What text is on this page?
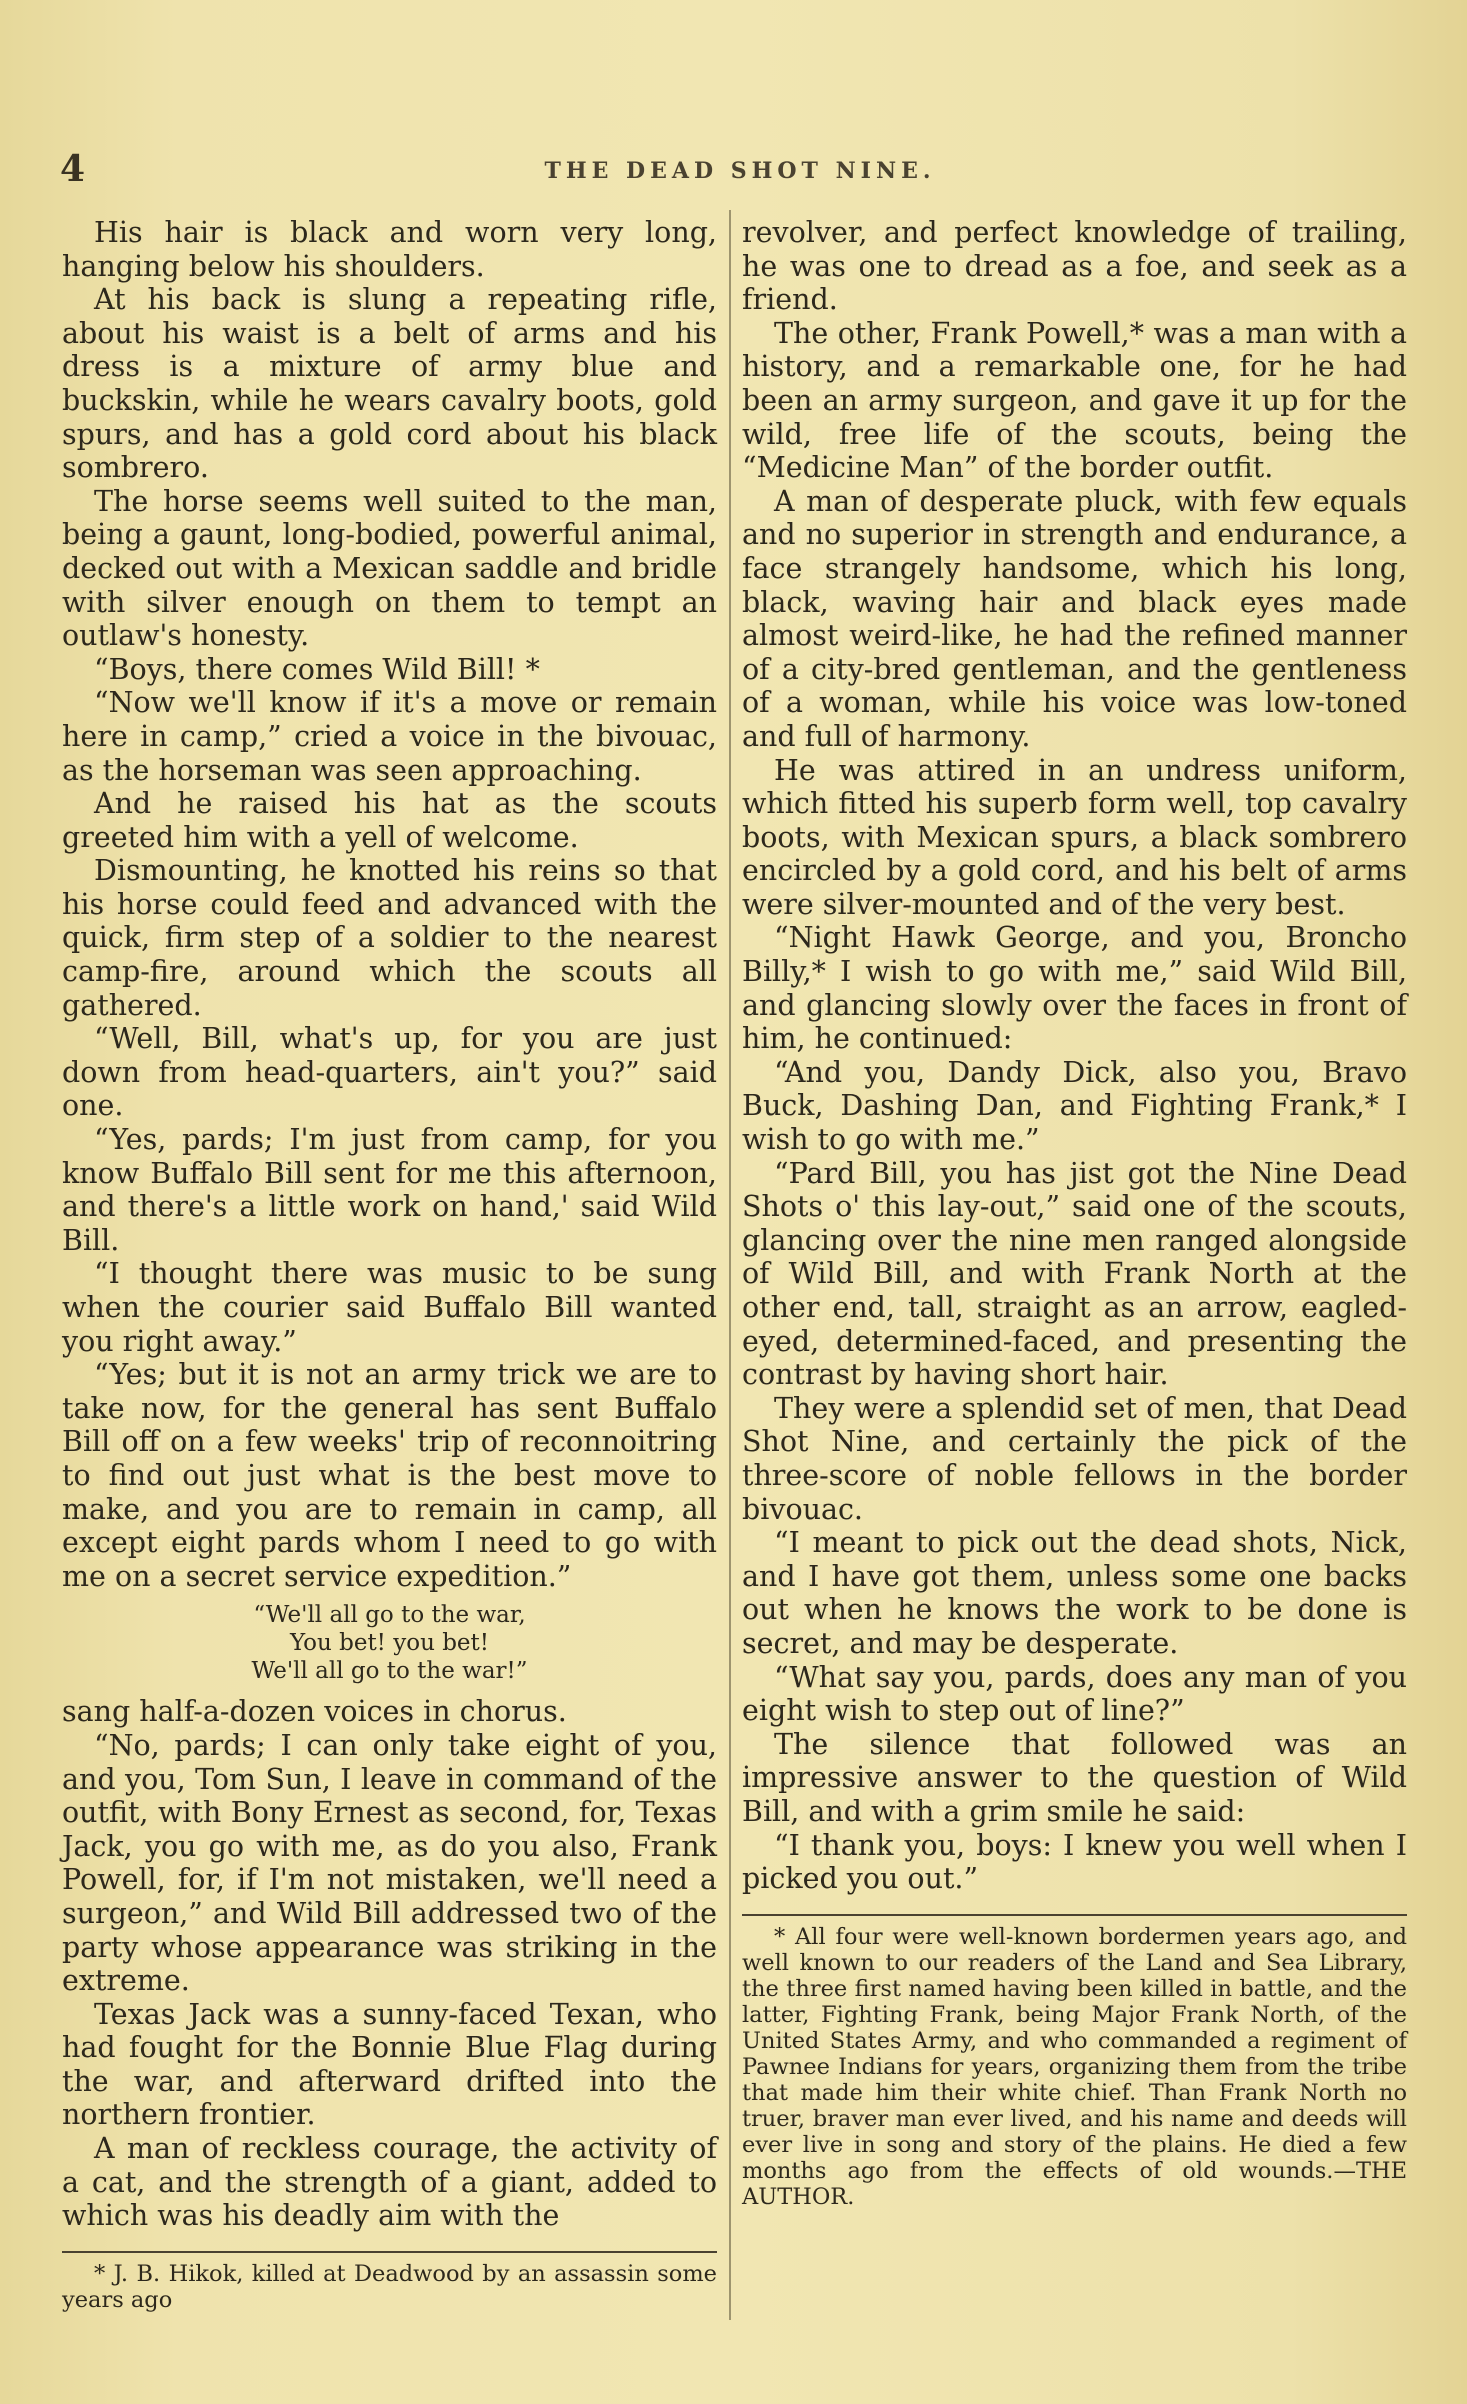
4	THE DEAD SHOT NINE.

His hair is black and worn very long, hanging below his shoulders.

At his back is slung a repeating rifle, about his waist is a belt of arms and his dress is a mixture of army blue and buckskin, while he wears cavalry boots, gold spurs, and has a gold cord about his black sombrero.

The horse seems well suited to the man, being a gaunt, long-bodied, powerful animal, decked out with a Mexican saddle and bridle with silver enough on them to tempt an outlaw's honesty.

“Boys, there comes Wild Bill! *

“Now we'll know if it's a move or remain here in camp,” cried a voice in the bivouac, as the horseman was seen approaching.

And he raised his hat as the scouts greeted him with a yell of welcome.

Dismounting, he knotted his reins so that his horse could feed and advanced with the quick, firm step of a soldier to the nearest camp-fire, around which the scouts all gathered.

“Well, Bill, what's up, for you are just down from head-quarters, ain't you?” said one.

“Yes, pards; I'm just from camp, for you know Buffalo Bill sent for me this afternoon, and there's a little work on hand,' said Wild Bill.

“I thought there was music to be sung when the courier said Buffalo Bill wanted you right away.”

“Yes; but it is not an army trick we are to take now, for the general has sent Buffalo Bill off on a few weeks' trip of reconnoitring to find out just what is the best move to make, and you are to remain in camp, all except eight pards whom I need to go with me on a secret service expedition.”

“We'll all go to the war,
You bet! you bet!
We'll all go to the war!”

sang half-a-dozen voices in chorus.

“No, pards; I can only take eight of you, and you, Tom Sun, I leave in command of the outfit, with Bony Ernest as second, for, Texas Jack, you go with me, as do you also, Frank Powell, for, if I'm not mistaken, we'll need a surgeon,” and Wild Bill addressed two of the party whose appearance was striking in the extreme.

Texas Jack was a sunny-faced Texan, who had fought for the Bonnie Blue Flag during the war, and afterward drifted into the northern frontier.

A man of reckless courage, the activity of a cat, and the strength of a giant, added to which was his deadly aim with the

* J. B. Hikok, killed at Deadwood by an assassin some years ago

revolver, and perfect knowledge of trailing, he was one to dread as a foe, and seek as a friend.

The other, Frank Powell,* was a man with a history, and a remarkable one, for he had been an army surgeon, and gave it up for the wild, free life of the scouts, being the “Medicine Man” of the border outfit.

A man of desperate pluck, with few equals and no superior in strength and endurance, a face strangely handsome, which his long, black, waving hair and black eyes made almost weird-like, he had the refined manner of a city-bred gentleman, and the gentleness of a woman, while his voice was low-toned and full of harmony.

He was attired in an undress uniform, which fitted his superb form well, top cavalry boots, with Mexican spurs, a black sombrero encircled by a gold cord, and his belt of arms were silver-mounted and of the very best.

“Night Hawk George, and you, Broncho Billy,* I wish to go with me,” said Wild Bill, and glancing slowly over the faces in front of him, he continued:

“And you, Dandy Dick, also you, Bravo Buck, Dashing Dan, and Fighting Frank,* I wish to go with me.”

“Pard Bill, you has jist got the Nine Dead Shots o' this lay-out,” said one of the scouts, glancing over the nine men ranged alongside of Wild Bill, and with Frank North at the other end, tall, straight as an arrow, eagled-eyed, determined-faced, and presenting the contrast by having short hair.

They were a splendid set of men, that Dead Shot Nine, and certainly the pick of the three-score of noble fellows in the border bivouac.

“I meant to pick out the dead shots, Nick, and I have got them, unless some one backs out when he knows the work to be done is secret, and may be desperate.

“What say you, pards, does any man of you eight wish to step out of line?”

The silence that followed was an impressive answer to the question of Wild Bill, and with a grim smile he said:

“I thank you, boys: I knew you well when I picked you out.”

* All four were well-known bordermen years ago, and well known to our readers of the Land and Sea Library, the three first named having been killed in battle, and the latter, Fighting Frank, being Major Frank North, of the United States Army, and who commanded a regiment of Pawnee Indians for years, organizing them from the tribe that made him their white chief. Than Frank North no truer, braver man ever lived, and his name and deeds will ever live in song and story of the plains. He died a few months ago from the effects of old wounds.—THE AUTHOR.
